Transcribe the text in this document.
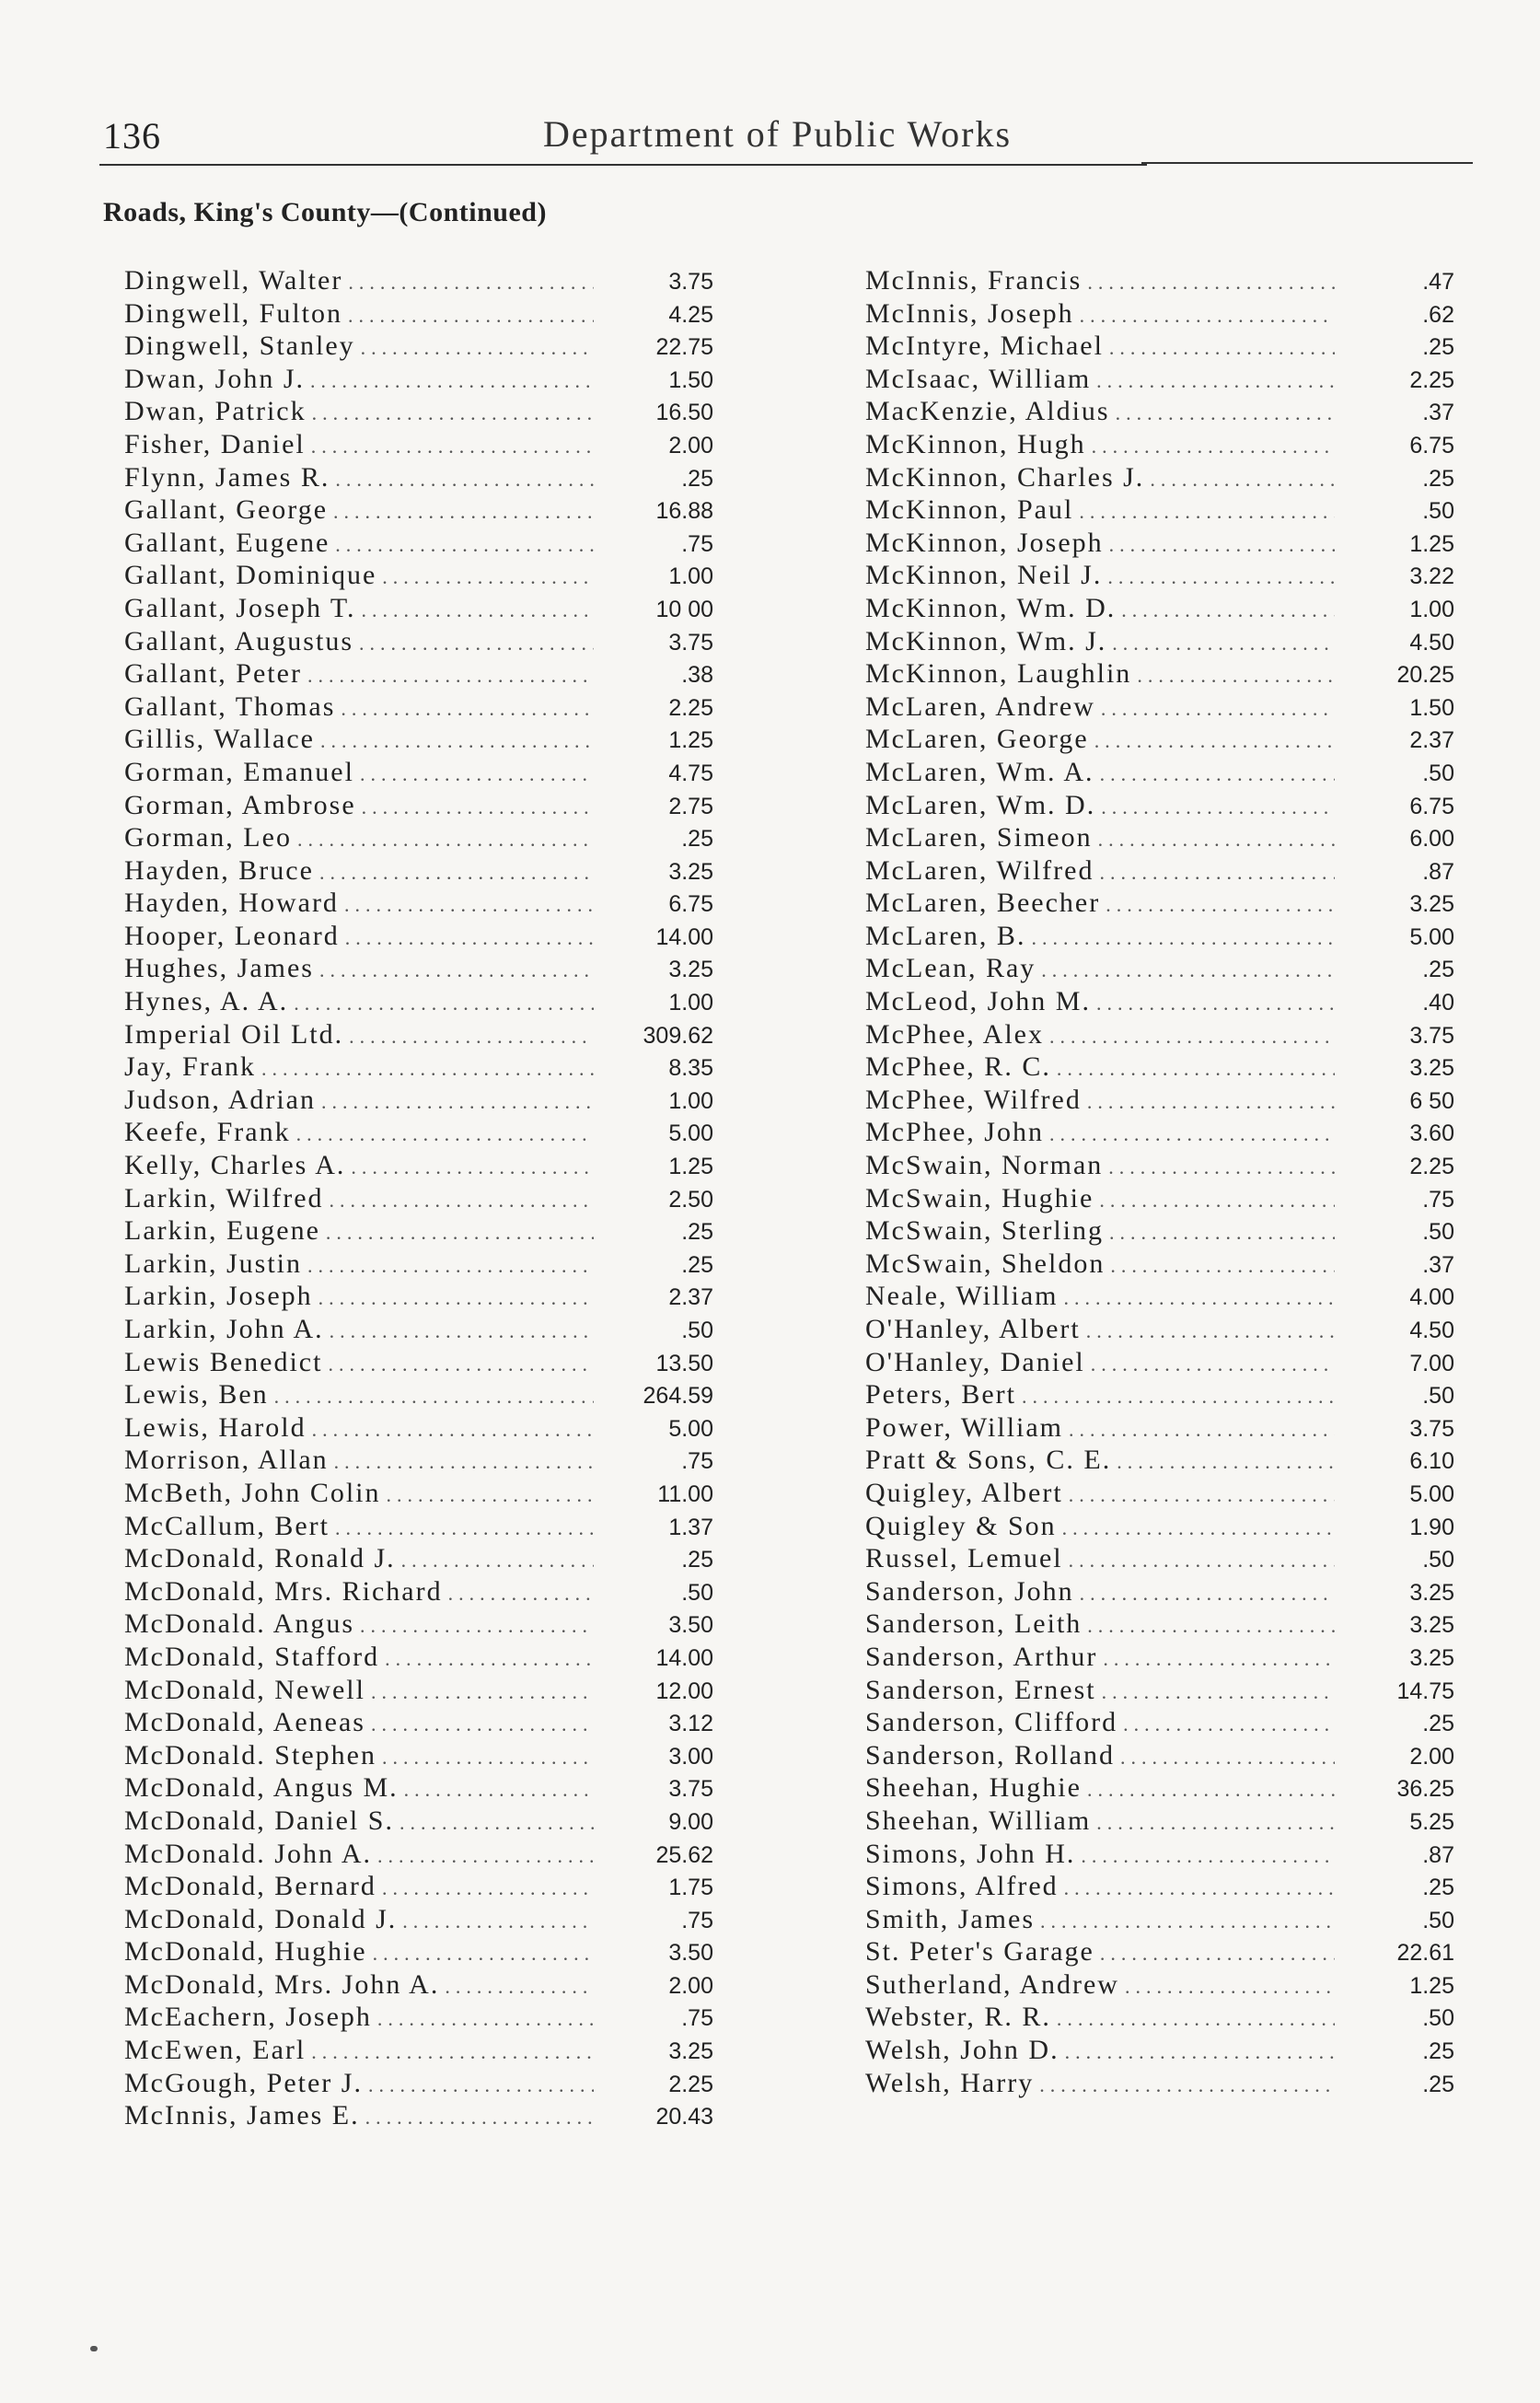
136	Department of Public Works
Roads, King's County—(Continued)
Dingwell, Walter .....	3.75
Dingwell, Fulton .....	4.25
Dingwell, Stanley .....	22.75
Dwan, John J. .....	1.50
Dwan, Patrick .....	16.50
Fisher, Daniel .....	2.00
Flynn, James R. .....	.25
Gallant, George .....	16.88
Gallant, Eugene .....	.75
Gallant, Dominique .....	1.00
Gallant, Joseph T. .....	10 00
Gallant, Augustus .....	3.75
Gallant, Peter .....	.38
Gallant, Thomas .....	2.25
Gillis, Wallace .....	1.25
Gorman, Emanuel .....	4.75
Gorman, Ambrose .....	2.75
Gorman, Leo .....	.25
Hayden, Bruce .....	3.25
Hayden, Howard .....	6.75
Hooper, Leonard .....	14.00
Hughes, James .....	3.25
Hynes, A. A. .....	1.00
Imperial Oil Ltd. .....	309.62
Jay, Frank .....	8.35
Judson, Adrian .....	1.00
Keefe, Frank .....	5.00
Kelly, Charles A. .....	1.25
Larkin, Wilfred .....	2.50
Larkin, Eugene .....	.25
Larkin, Justin .....	.25
Larkin, Joseph .....	2.37
Larkin, John A. .....	.50
Lewis Benedict .....	13.50
Lewis, Ben .....	264.59
Lewis, Harold .....	5.00
Morrison, Allan .....	.75
McBeth, John Colin .....	11.00
McCallum, Bert .....	1.37
McDonald, Ronald J. .....	.25
McDonald, Mrs. Richard .....	.50
McDonald. Angus .....	3.50
McDonald, Stafford .....	14.00
McDonald, Newell .....	12.00
McDonald, Aeneas .....	3.12
McDonald. Stephen .....	3.00
McDonald, Angus M. .....	3.75
McDonald, Daniel S. .....	9.00
McDonald. John A. .....	25.62
McDonald, Bernard .....	1.75
McDonald, Donald J. .....	.75
McDonald, Hughie .....	3.50
McDonald, Mrs. John A. .....	2.00
McEachern, Joseph .....	.75
McEwen, Earl .....	3.25
McGough, Peter J. .....	2.25
McInnis, James E. .....	20.43
McInnis, Francis .....	.47
McInnis, Joseph .....	.62
McIntyre, Michael .....	.25
McIsaac, William .....	2.25
MacKenzie, Aldius .....	.37
McKinnon, Hugh .....	6.75
McKinnon, Charles J. .....	.25
McKinnon, Paul .....	.50
McKinnon, Joseph .....	1.25
McKinnon, Neil J. .....	3.22
McKinnon, Wm. D. .....	1.00
McKinnon, Wm. J. .....	4.50
McKinnon, Laughlin .....	20.25
McLaren, Andrew .....	1.50
McLaren, George .....	2.37
McLaren, Wm. A. .....	.50
McLaren, Wm. D. .....	6.75
McLaren, Simeon .....	6.00
McLaren, Wilfred .....	.87
McLaren, Beecher .....	3.25
McLaren, B. .....	5.00
McLean, Ray .....	.25
McLeod, John M. .....	.40
McPhee, Alex .....	3.75
McPhee, R. C. .....	3.25
McPhee, Wilfred .....	6 50
McPhee, John .....	3.60
McSwain, Norman .....	2.25
McSwain, Hughie .....	.75
McSwain, Sterling .....	.50
McSwain, Sheldon .....	.37
Neale, William .....	4.00
O'Hanley, Albert .....	4.50
O'Hanley, Daniel .....	7.00
Peters, Bert .....	.50
Power, William .....	3.75
Pratt & Sons, C. E. .....	6.10
Quigley, Albert .....	5.00
Quigley & Son .....	1.90
Russel, Lemuel .....	.50
Sanderson, John .....	3.25
Sanderson, Leith .....	3.25
Sanderson, Arthur .....	3.25
Sanderson, Ernest .....	14.75
Sanderson, Clifford .....	.25
Sanderson, Rolland .....	2.00
Sheehan, Hughie .....	36.25
Sheehan, William .....	5.25
Simons, John H. .....	.87
Simons, Alfred .....	.25
Smith, James .....	.50
St. Peter's Garage .....	22.61
Sutherland, Andrew .....	1.25
Webster, R. R. .....	.50
Welsh, John D. .....	.25
Welsh, Harry .....	.25
